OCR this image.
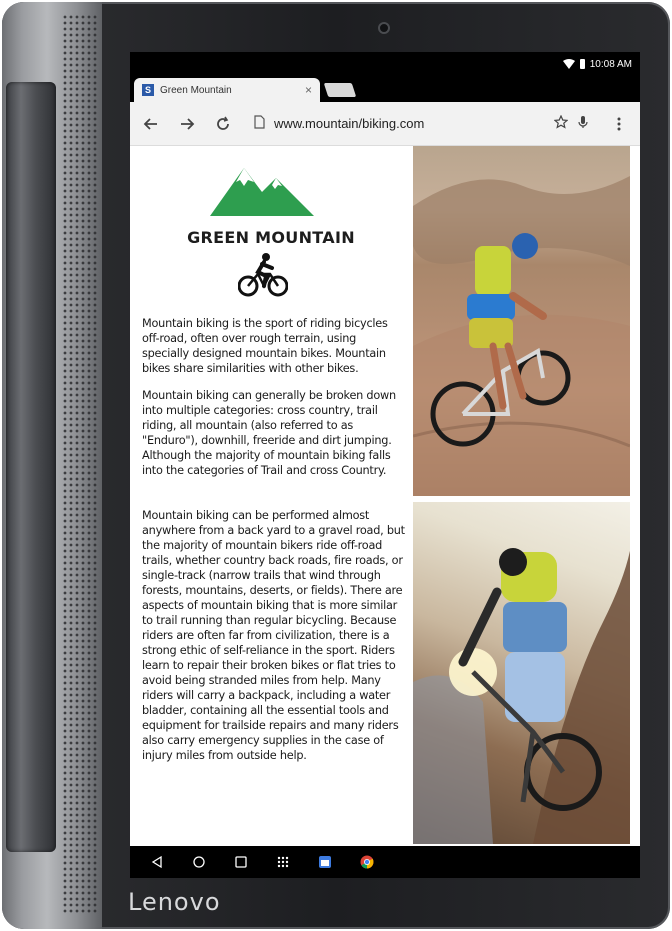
Lenovo
10:08 AM
S Green Mountain	×
www.mountain/biking.com
GREEN MOUNTAIN

Mountain biking is the sport of riding bicycles off-road, often over rough terrain, using specially designed mountain bikes. Mountain bikes share similarities with other bikes.

Mountain biking can generally be broken down into multiple categories: cross country, trail riding, all mountain (also referred to as "Enduro"), downhill, freeride and dirt jumping. Although the majority of mountain biking falls into the categories of Trail and cross Country.

Mountain biking can be performed almost anywhere from a back yard to a gravel road, but the majority of mountain bikers ride off-road trails, whether country back roads, fire roads, or single-track (narrow trails that wind through forests, mountains, deserts, or fields). There are aspects of mountain biking that is more similar to trail running than regular bicycling. Because riders are often far from civilization, there is a strong ethic of self-reliance in the sport. Riders learn to repair their broken bikes or flat tries to avoid being stranded miles from help. Many riders will carry a backpack, including a water bladder, containing all the essential tools and equipment for trailside repairs and many riders also carry emergency supplies in the case of injury miles from outside help.
